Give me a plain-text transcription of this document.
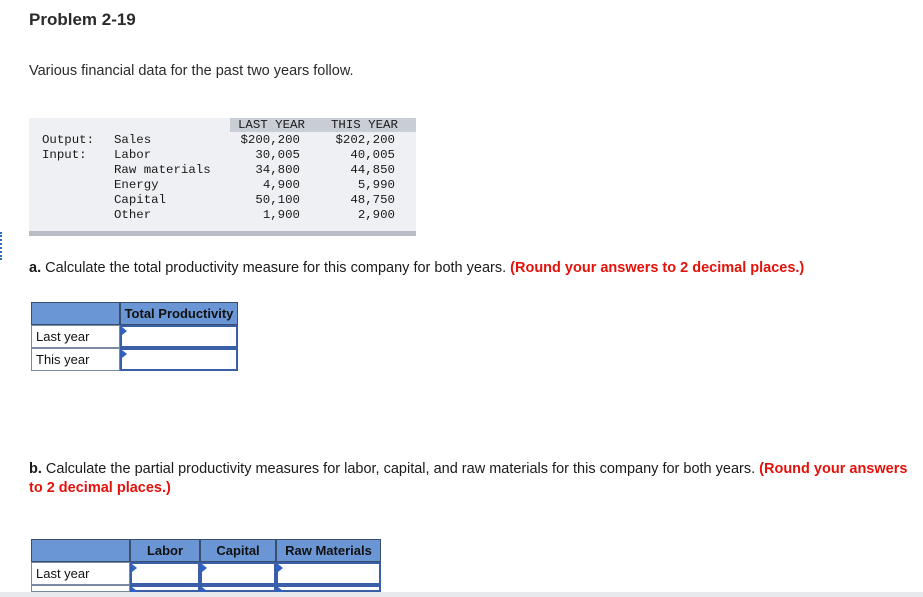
Problem 2-19
Various financial data for the past two years follow.
LAST YEAR THIS YEAR
Output:
Input:
Sales
Labor
Raw materials
Energy
Capital
Other
$200,200
30,005
34,800
4,900
50,100
1,900
$202,200
40,005
44,850
5,990
48,750
2,900
a. Calculate the total productivity measure for this company for both years. (Round your answers to 2 decimal places.)
Total Productivity
Last year
This year
b. Calculate the partial productivity measures for labor, capital, and raw materials for this company for both years. (Round your answers to 2 decimal places.)
Labor	Capital	Raw Materials
Last year
